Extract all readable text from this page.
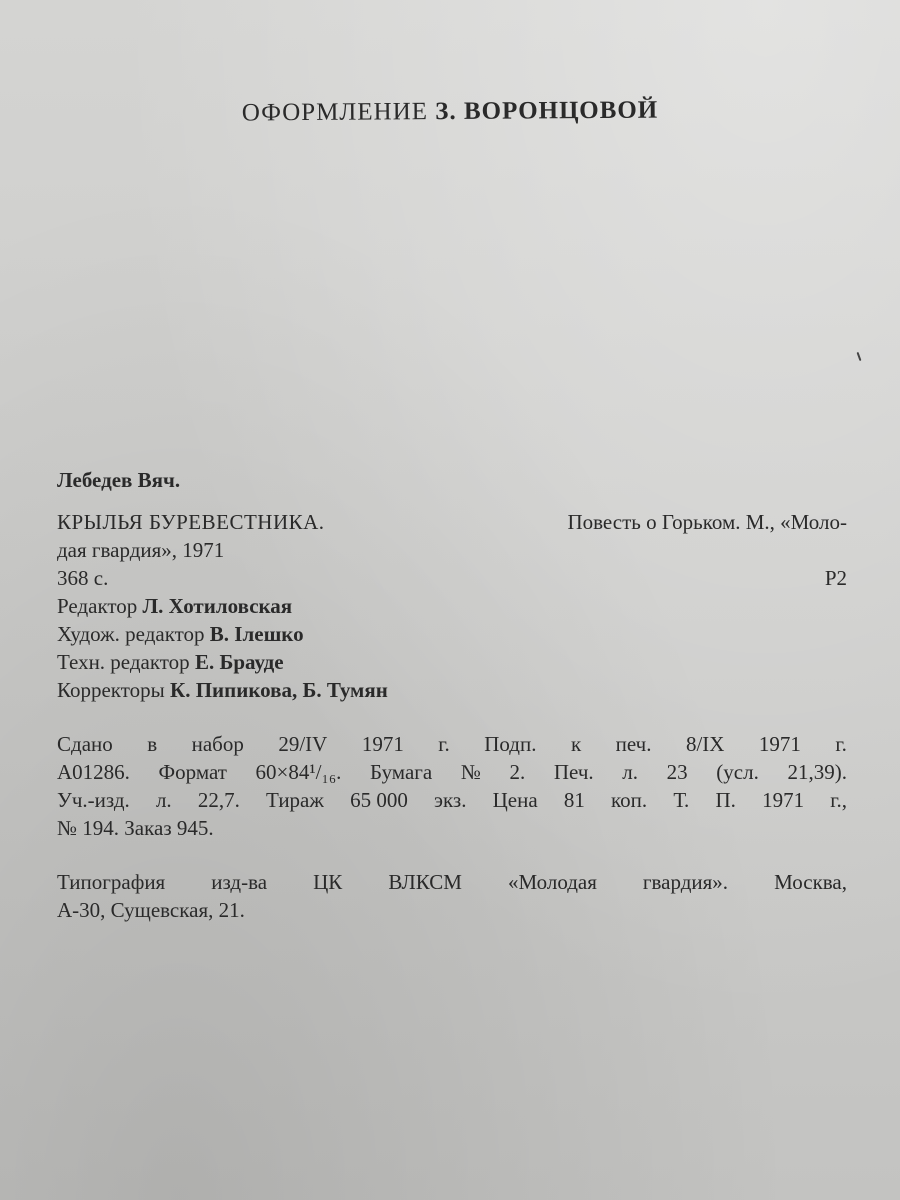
ОФОРМЛЕНИЕ З. ВОРОНЦОВОЙ
Лебедев Вяч.
КРЫЛЬЯ БУРЕВЕСТНИКА.	Повесть о Горьком. М., «Моло-
дая гвардия», 1971
368 с.	Р2
Редактор Л. Хотиловская
Худож. редактор В. Ілешко
Техн. редактор Е. Брауде
Корректоры К. Пипикова, Б. Тумян
Сдано в набор 29/IV 1971 г. Подп. к печ. 8/IX 1971 г.
А01286. Формат 60×84¹/₁₆. Бумага № 2. Печ. л. 23 (усл. 21,39).
Уч.-изд. л. 22,7. Тираж 65 000 экз. Цена 81 коп. Т. П. 1971 г.,
№ 194. Заказ 945.
Типография изд-ва ЦК ВЛКСМ «Молодая гвардия». Москва,
А-30, Сущевская, 21.
